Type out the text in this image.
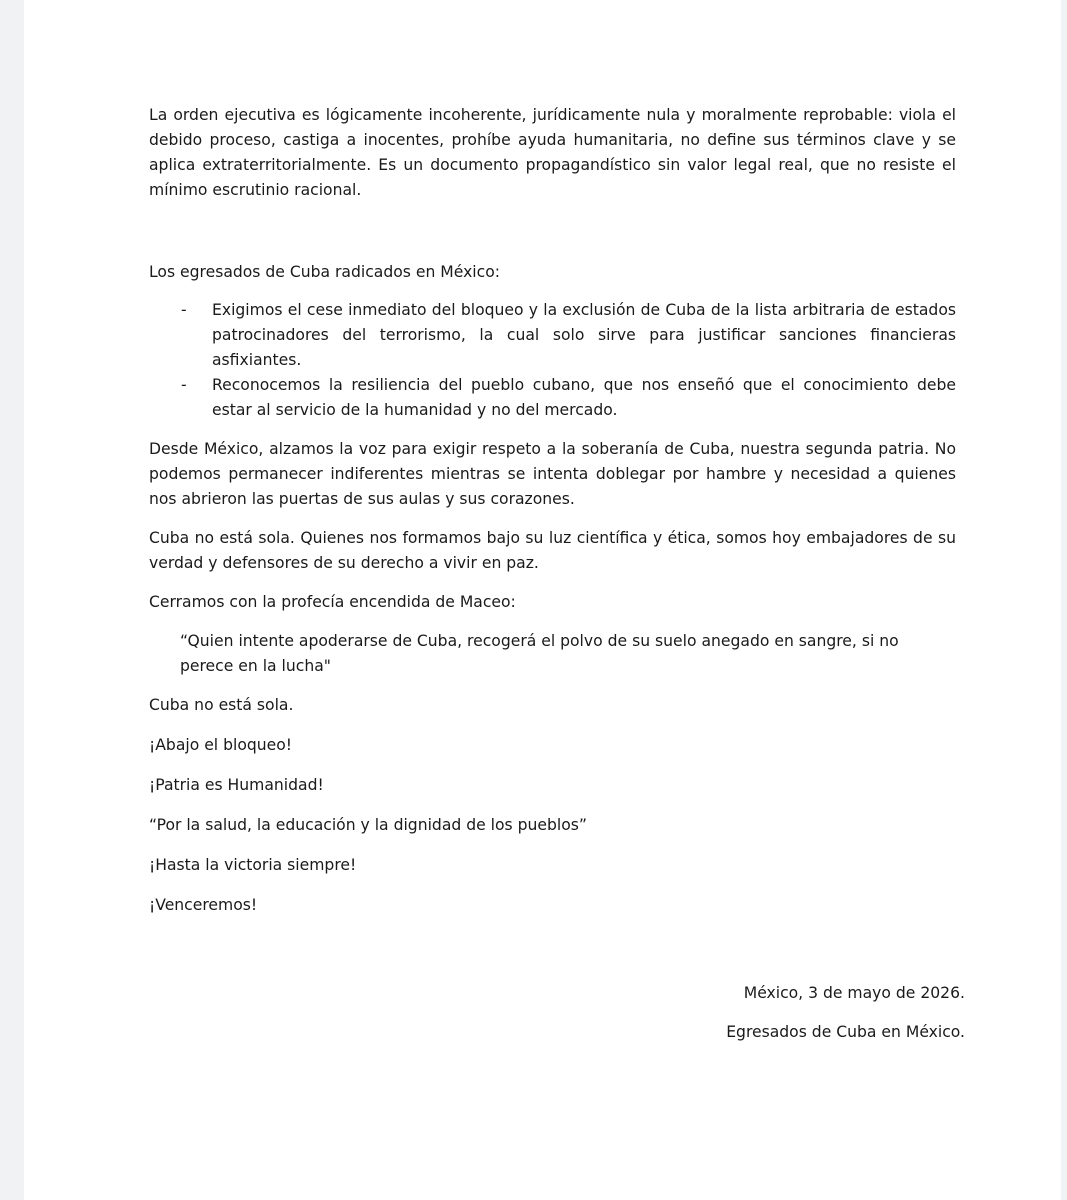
La orden ejecutiva es lógicamente incoherente, jurídicamente nula y moralmente reprobable: viola el debido proceso, castiga a inocentes, prohíbe ayuda humanitaria, no define sus términos clave y se aplica extraterritorialmente. Es un documento propagandístico sin valor legal real, que no resiste el mínimo escrutinio racional.

Los egresados de Cuba radicados en México:

- Exigimos el cese inmediato del bloqueo y la exclusión de Cuba de la lista arbitraria de estados patrocinadores del terrorismo, la cual solo sirve para justificar sanciones financieras asfixiantes.
- Reconocemos la resiliencia del pueblo cubano, que nos enseñó que el conocimiento debe estar al servicio de la humanidad y no del mercado.

Desde México, alzamos la voz para exigir respeto a la soberanía de Cuba, nuestra segunda patria. No podemos permanecer indiferentes mientras se intenta doblegar por hambre y necesidad a quienes nos abrieron las puertas de sus aulas y sus corazones.

Cuba no está sola. Quienes nos formamos bajo su luz científica y ética, somos hoy embajadores de su verdad y defensores de su derecho a vivir en paz.

Cerramos con la profecía encendida de Maceo:

“Quien intente apoderarse de Cuba, recogerá el polvo de su suelo anegado en sangre, si no perece en la lucha"

Cuba no está sola.

¡Abajo el bloqueo!

¡Patria es Humanidad!

“Por la salud, la educación y la dignidad de los pueblos”

¡Hasta la victoria siempre!

¡Venceremos!

México, 3 de mayo de 2026.

Egresados de Cuba en México.
